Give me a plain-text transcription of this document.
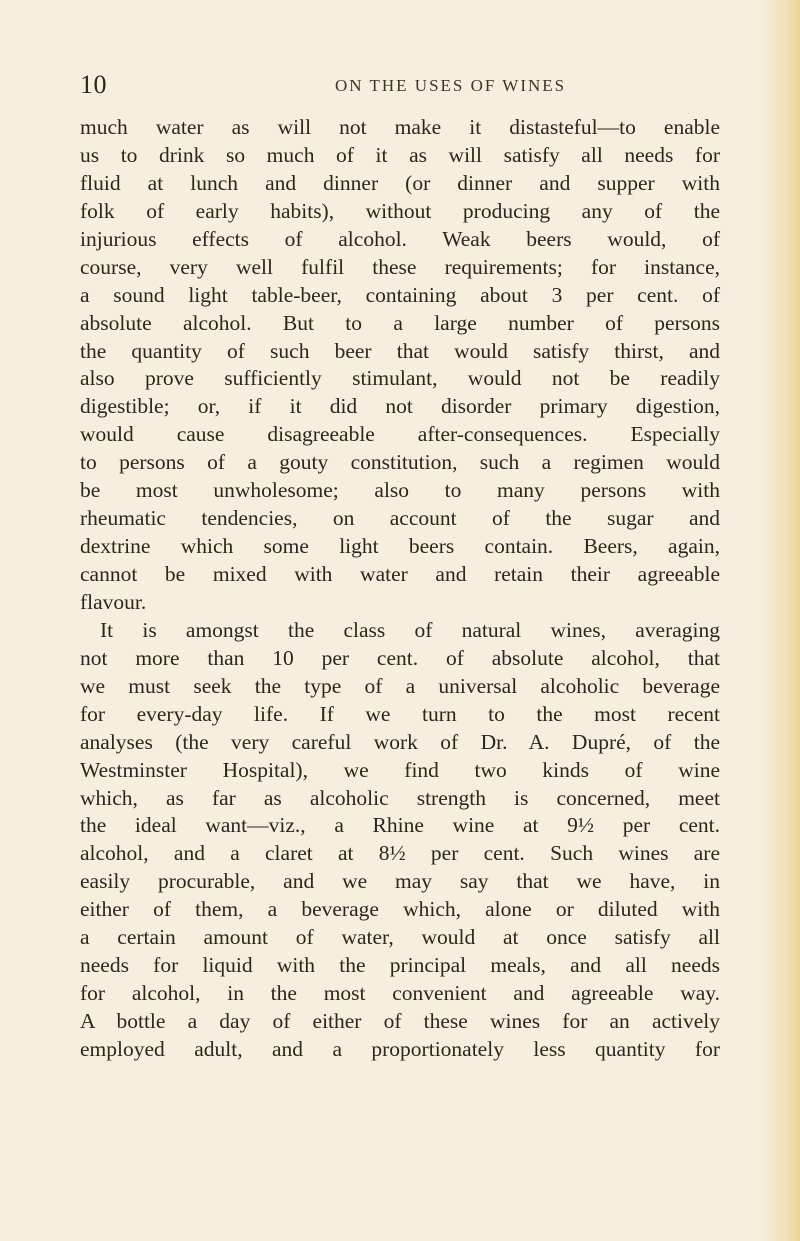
10	ON THE USES OF WINES
much water as will not make it distasteful—to enable
us to drink so much of it as will satisfy all needs for
fluid at lunch and dinner (or dinner and supper with
folk of early habits), without producing any of the
injurious effects of alcohol. Weak beers would, of
course, very well fulfil these requirements; for instance,
a sound light table-beer, containing about 3 per cent. of
absolute alcohol. But to a large number of persons
the quantity of such beer that would satisfy thirst, and
also prove sufficiently stimulant, would not be readily
digestible; or, if it did not disorder primary digestion,
would cause disagreeable after-consequences. Especially
to persons of a gouty constitution, such a regimen would
be most unwholesome; also to many persons with
rheumatic tendencies, on account of the sugar and
dextrine which some light beers contain. Beers, again,
cannot be mixed with water and retain their agreeable
flavour.
It is amongst the class of natural wines, averaging
not more than 10 per cent. of absolute alcohol, that
we must seek the type of a universal alcoholic beverage
for every-day life. If we turn to the most recent
analyses (the very careful work of Dr. A. Dupré, of the
Westminster Hospital), we find two kinds of wine
which, as far as alcoholic strength is concerned, meet
the ideal want—viz., a Rhine wine at 9½ per cent.
alcohol, and a claret at 8½ per cent. Such wines are
easily procurable, and we may say that we have, in
either of them, a beverage which, alone or diluted with
a certain amount of water, would at once satisfy all
needs for liquid with the principal meals, and all needs
for alcohol, in the most convenient and agreeable way.
A bottle a day of either of these wines for an actively
employed adult, and a proportionately less quantity for
